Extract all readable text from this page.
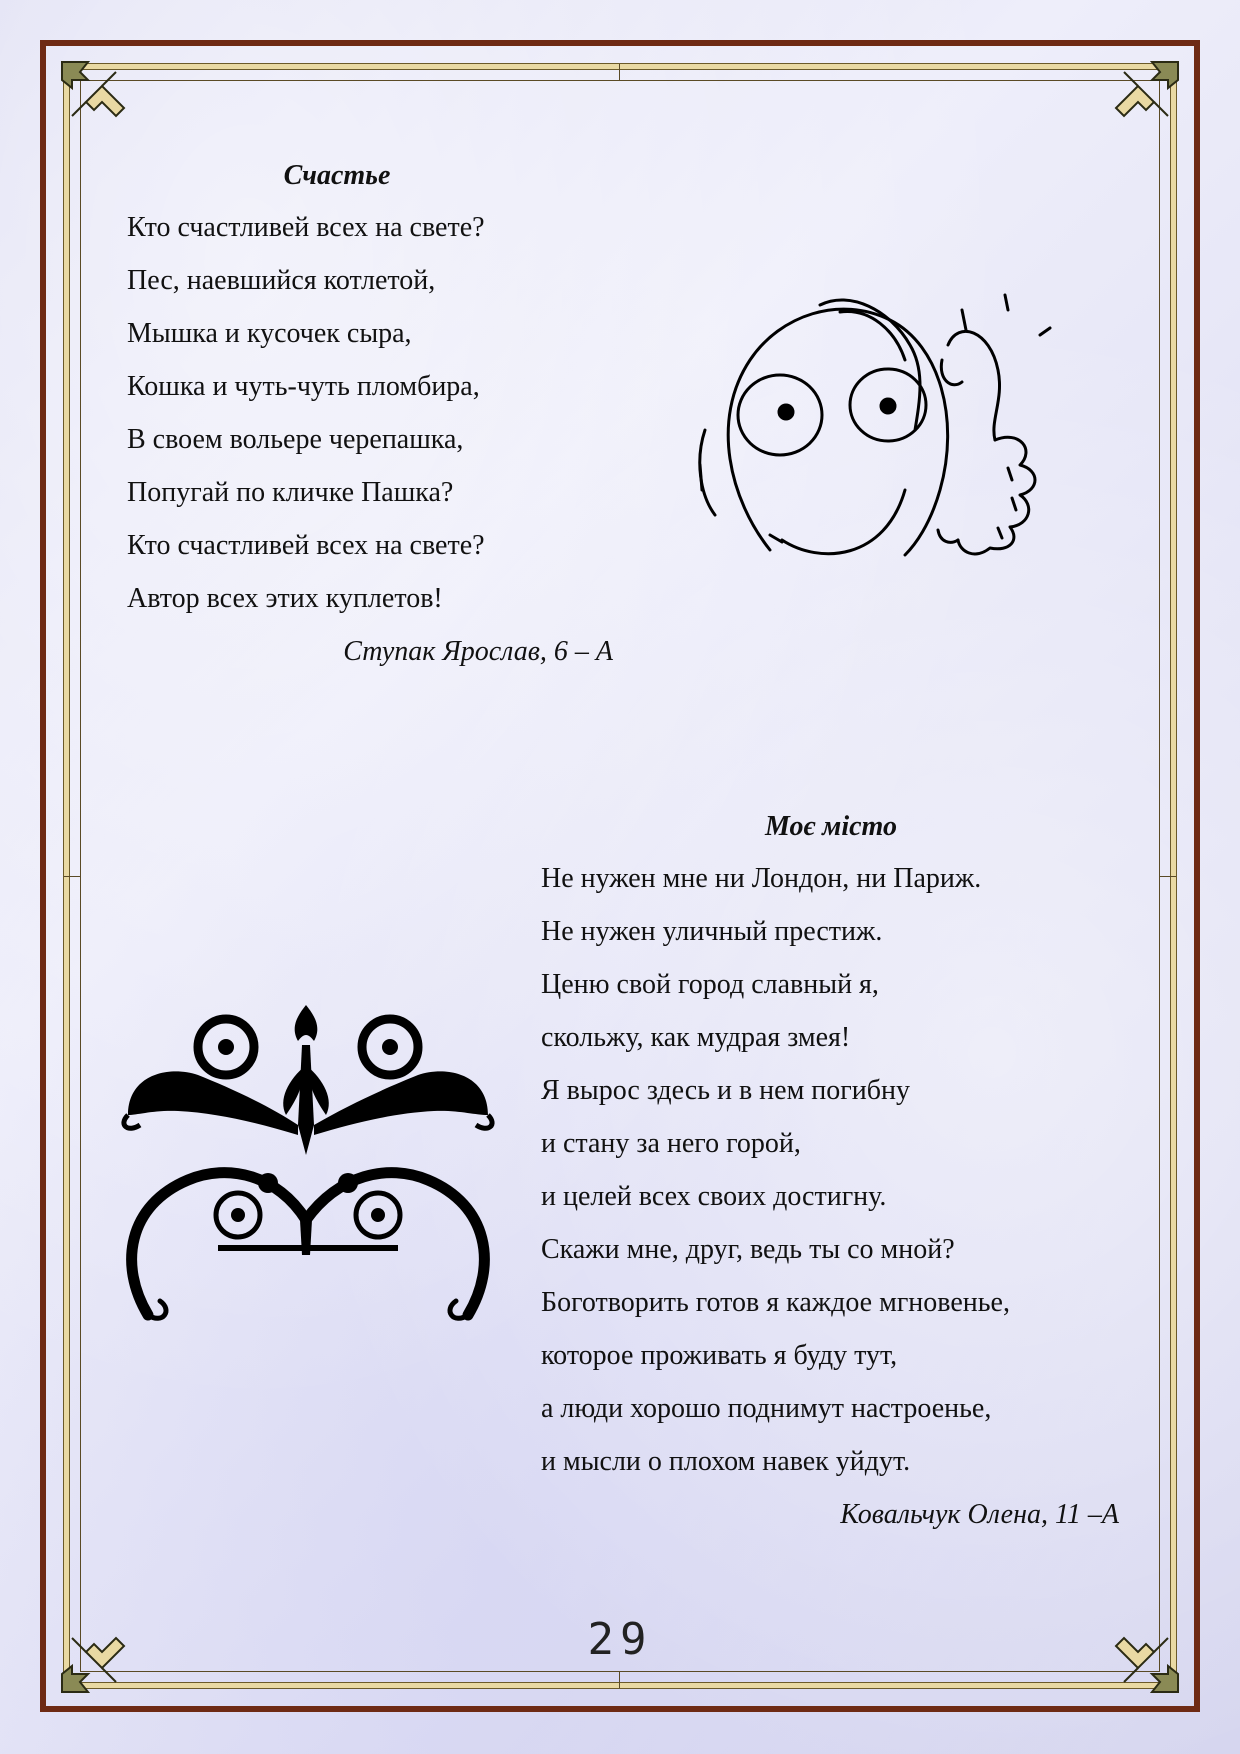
Счастье
Кто счастливей всех на свете?
Пес, наевшийся котлетой,
Мышка и кусочек сыра,
Кошка и чуть-чуть пломбира,
В своем вольере черепашка,
Попугай по кличке Пашка?
Кто счастливей всех на свете?
Автор всех этих куплетов!
Ступак Ярослав, 6 – А
Моє місто
Не нужен мне ни Лондон, ни Париж.
Не нужен уличный престиж.
Ценю свой город славный я,
скольжу, как мудрая змея!
Я вырос здесь и в нем погибну
и стану за него горой,
и целей всех своих достигну.
Скажи мне, друг, ведь ты со мной?
Боготворить готов я каждое мгновенье,
которое проживать я буду тут,
а люди хорошо поднимут настроенье,
и мысли о плохом навек уйдут.
Ковальчук Олена, 11 –А
29
